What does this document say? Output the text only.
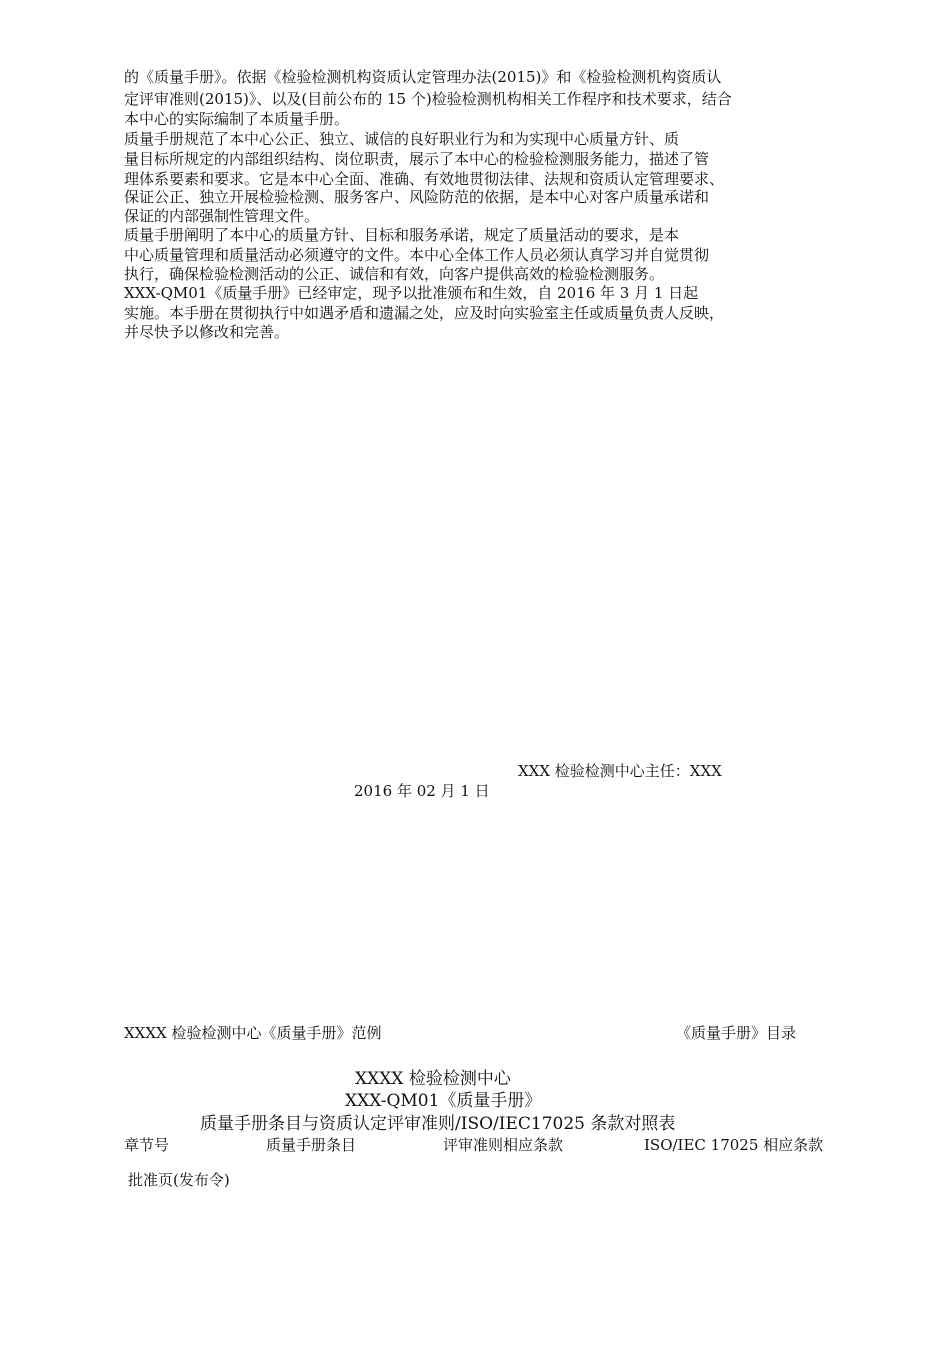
的《质量手册》。依据《检验检测机构资质认定管理办法(2015)》和《检验检测机构资质认
定评审准则(2015)》、以及(目前公布的 15 个)检验检测机构相关工作程序和技术要求，结合
本中心的实际编制了本质量手册。
质量手册规范了本中心公正、独立、诚信的良好职业行为和为实现中心质量方针、质
量目标所规定的内部组织结构、岗位职责，展示了本中心的检验检测服务能力，描述了管
理体系要素和要求。它是本中心全面、准确、有效地贯彻法律、法规和资质认定管理要求、
保证公正、独立开展检验检测、服务客户、风险防范的依据，是本中心对客户质量承诺和
保证的内部强制性管理文件。
质量手册阐明了本中心的质量方针、目标和服务承诺，规定了质量活动的要求，是本
中心质量管理和质量活动必须遵守的文件。本中心全体工作人员必须认真学习并自觉贯彻
执行，确保检验检测活动的公正、诚信和有效，向客户提供高效的检验检测服务。
XXX-QM01《质量手册》已经审定，现予以批准颁布和生效，自 2016 年 3 月 1 日起
实施。本手册在贯彻执行中如遇矛盾和遗漏之处，应及时向实验室主任或质量负责人反映，
并尽快予以修改和完善。
XXX 检验检测中心主任：XXX
2016 年 02 月 1 日
XXXX 检验检测中心《质量手册》范例	《质量手册》目录
XXXX 检验检测中心
XXX-QM01《质量手册》
质量手册条目与资质认定评审准则/ISO/IEC17025 条款对照表
章节号	质量手册条目	评审准则相应条款	ISO/IEC 17025 相应条款
批准页(发布令)
